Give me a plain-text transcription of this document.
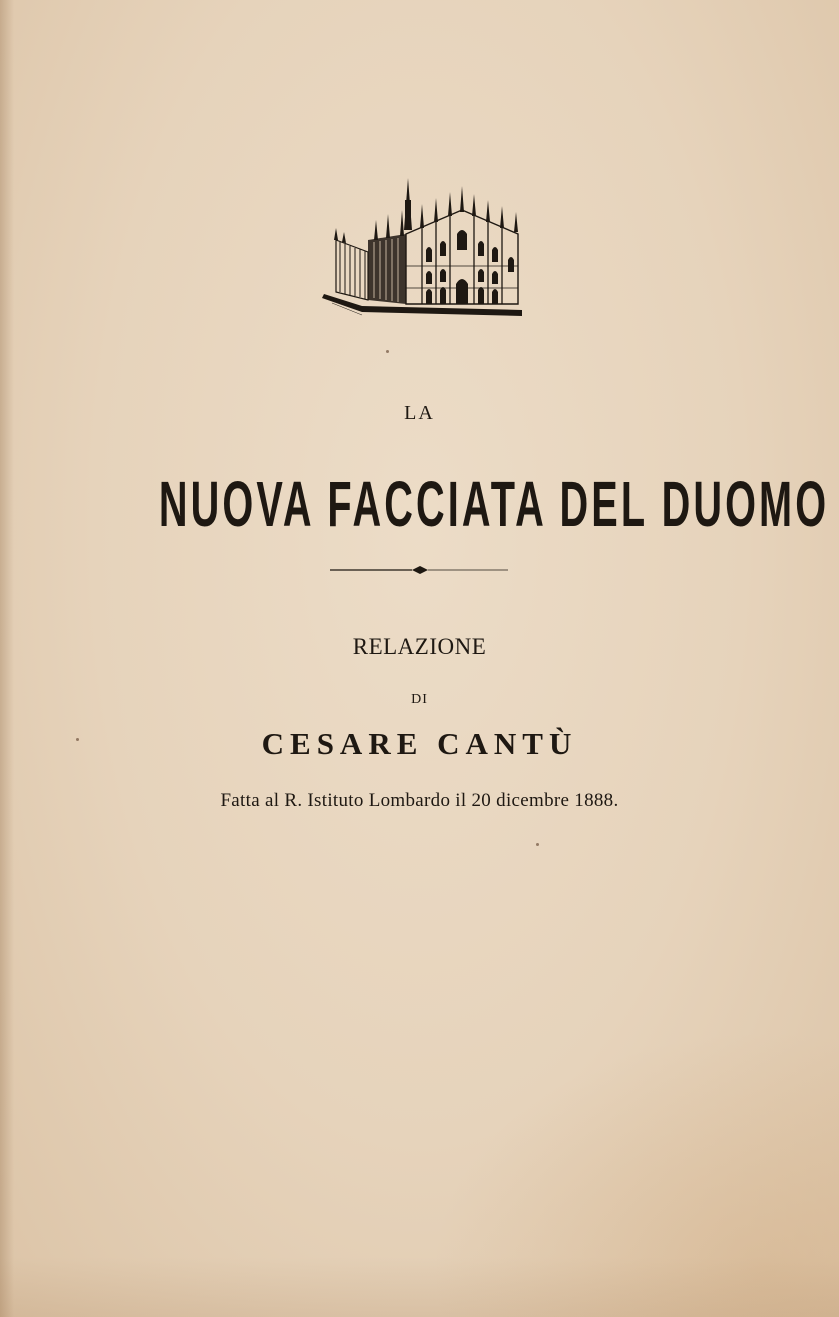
LA
NUOVA FACCIATA DEL DUOMO
RELAZIONE
DI
CESARE CANTÙ
Fatta al R. Istituto Lombardo il 20 dicembre 1888.
